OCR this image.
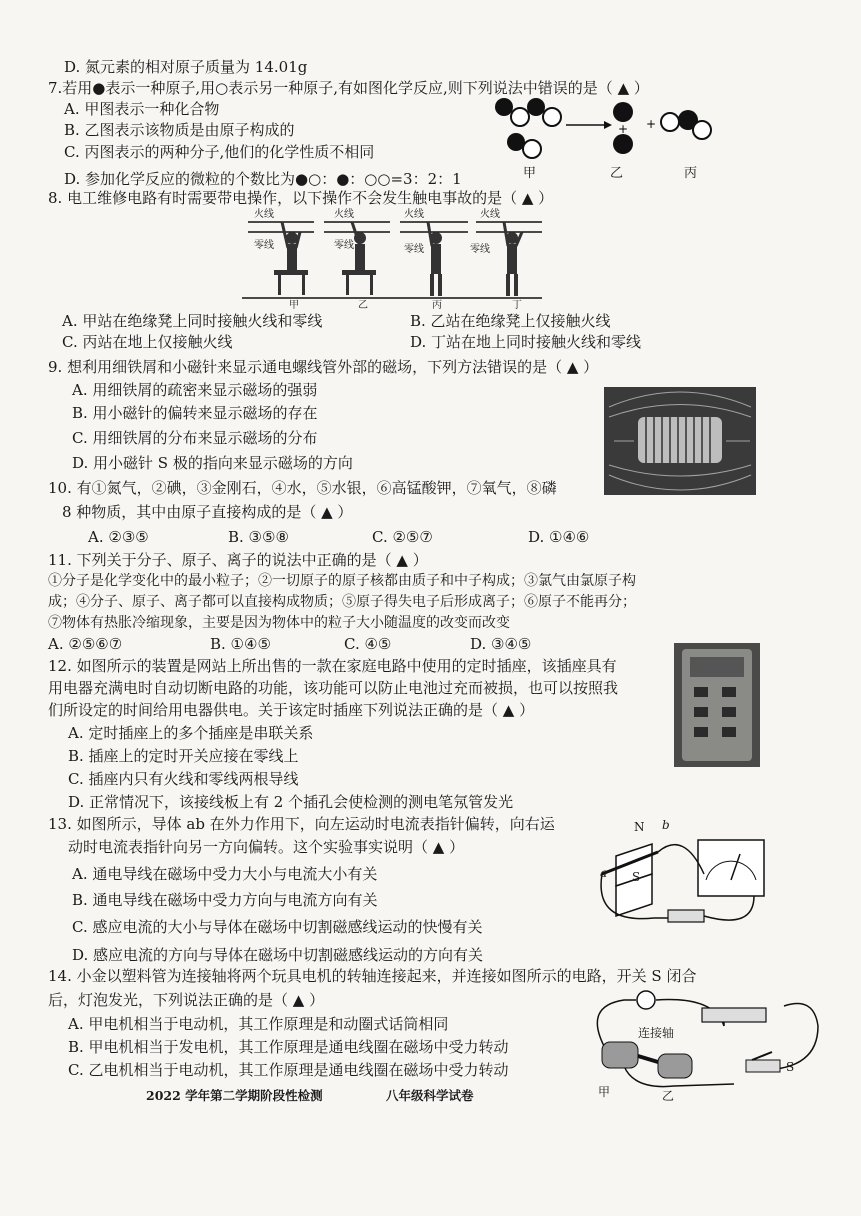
D. 氮元素的相对原子质量为 14.01g
7.若用●表示一种原子,用○表示另一种原子,有如图化学反应,则下列说法中错误的是（ ▲ ）
A. 甲图表示一种化合物
B. 乙图表示该物质是由原子构成的
C. 丙图表示的两种分子,他们的化学性质不相同
D. 参加化学反应的微粒的个数比为●○：●：○○=3：2：1
+ +
甲	乙	丙
8. 电工维修电路有时需要带电操作，以下操作不会发生触电事故的是（ ▲ ）
火线	火线	火线	火线
零线	零线	零线	零线
甲	乙	丙	丁
A. 甲站在绝缘凳上同时接触火线和零线	B. 乙站在绝缘凳上仅接触火线
C. 丙站在地上仅接触火线	D. 丁站在地上同时接触火线和零线
9. 想利用细铁屑和小磁针来显示通电螺线管外部的磁场，下列方法错误的是（ ▲ ）
A. 用细铁屑的疏密来显示磁场的强弱
B. 用小磁针的偏转来显示磁场的存在
C. 用细铁屑的分布来显示磁场的分布
D. 用小磁针 S 极的指向来显示磁场的方向
10. 有①氮气，②碘，③金刚石，④水，⑤水银，⑥高锰酸钾，⑦氧气，⑧磷
8 种物质，其中由原子直接构成的是（ ▲ ）
A. ②③⑤	B. ③⑤⑧	C. ②⑤⑦	D. ①④⑥
11. 下列关于分子、原子、离子的说法中正确的是（ ▲ ）
①分子是化学变化中的最小粒子；②一切原子的原子核都由质子和中子构成；③氯气由氯原子构
成；④分子、原子、离子都可以直接构成物质；⑤原子得失电子后形成离子；⑥原子不能再分；
⑦物体有热胀冷缩现象，主要是因为物体中的粒子大小随温度的改变而改变
A. ②⑤⑥⑦	B. ①④⑤	C. ④⑤	D. ③④⑤
12. 如图所示的装置是网站上所出售的一款在家庭电路中使用的定时插座，该插座具有
用电器充满电时自动切断电路的功能，该功能可以防止电池过充而被损，也可以按照我
们所设定的时间给用电器供电。关于该定时插座下列说法正确的是（ ▲ ）
A. 定时插座上的多个插座是串联关系
B. 插座上的定时开关应接在零线上
C. 插座内只有火线和零线两根导线
D. 正常情况下，该接线板上有 2 个插孔会使检测的测电笔氖管发光
13. 如图所示，导体 ab 在外力作用下，向左运动时电流表指针偏转，向右运
动时电流表指针向另一方向偏转。这个实验事实说明（ ▲ ）
A. 通电导线在磁场中受力大小与电流大小有关
B. 通电导线在磁场中受力方向与电流方向有关
C. 感应电流的大小与导体在磁场中切割磁感线运动的快慢有关
D. 感应电流的方向与导体在磁场中切割磁感线运动的方向有关
N b
S
a
14. 小金以塑料管为连接轴将两个玩具电机的转轴连接起来，并连接如图所示的电路，开关 S 闭合
后，灯泡发光，下列说法正确的是（ ▲ ）
A. 甲电机相当于电动机，其工作原理是和动圈式话筒相同
B. 甲电机相当于发电机，其工作原理是通电线圈在磁场中受力转动
C. 乙电机相当于电动机，其工作原理是通电线圈在磁场中受力转动
连接轴
甲	乙
S
2022 学年第二学期阶段性检测	八年级科学试卷
